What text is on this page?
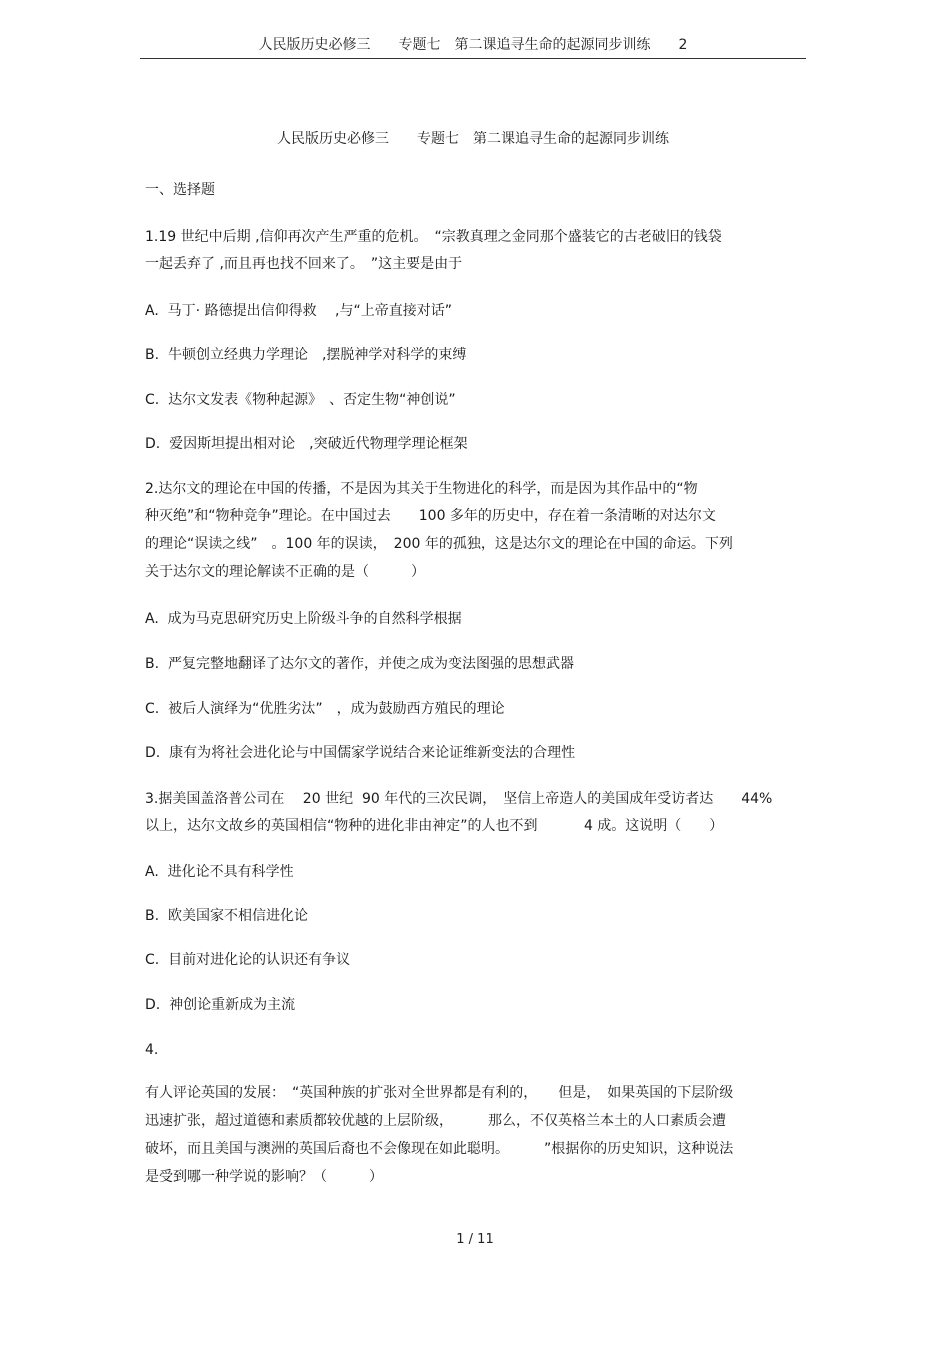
人民版历史必修三　　专题七　第二课追寻生命的起源同步训练　　2
人民版历史必修三　　专题七　第二课追寻生命的起源同步训练
一、选择题
1.19 世纪中后期 ,信仰再次产生严重的危机。　“宗教真理之金同那个盛装它的古老破旧的钱袋
一起丢弃了 ,而且再也找不回来了。　”这主要是由于
A.  马丁· 路德提出信仰得救　 ,与“上帝直接对话”
B.  牛顿创立经典力学理论　,摆脱神学对科学的束缚
C.  达尔文发表《物种起源》　、否定生物“神创说”
D.  爱因斯坦提出相对论　,突破近代物理学理论框架
2.达尔文的理论在中国的传播，不是因为其关于生物进化的科学，而是因为其作品中的“物
种灭绝”和“物种竞争”理论。在中国过去　　100 多年的历史中，存在着一条清晰的对达尔文
的理论“误读之线”　。100 年的误读，　200 年的孤独，这是达尔文的理论在中国的命运。下列
关于达尔文的理论解读不正确的是（　　　）
A.  成为马克思研究历史上阶级斗争的自然科学根据
B.  严复完整地翻译了达尔文的著作，并使之成为变法图强的思想武器
C.  被后人演绎为“优胜劣汰”　，成为鼓励西方殖民的理论
D.  康有为将社会进化论与中国儒家学说结合来论证维新变法的合理性
3.据美国盖洛普公司在　 20 世纪  90 年代的三次民调，　坚信上帝造人的美国成年受访者达　　44%
以上，达尔文故乡的英国相信“物种的进化非由神定”的人也不到　　　 4 成。这说明（　　）
A.  进化论不具有科学性
B.  欧美国家不相信进化论
C.  目前对进化论的认识还有争议
D.  神创论重新成为主流
4.
有人评论英国的发展：　“英国种族的扩张对全世界都是有利的，　　但是，　如果英国的下层阶级
迅速扩张，超过道德和素质都较优越的上层阶级，　　　那么，不仅英格兰本土的人口素质会遭
破坏，而且美国与澳洲的英国后裔也不会像现在如此聪明。　　　”根据你的历史知识，这种说法
是受到哪一种学说的影响？（　　　）
1 / 11
